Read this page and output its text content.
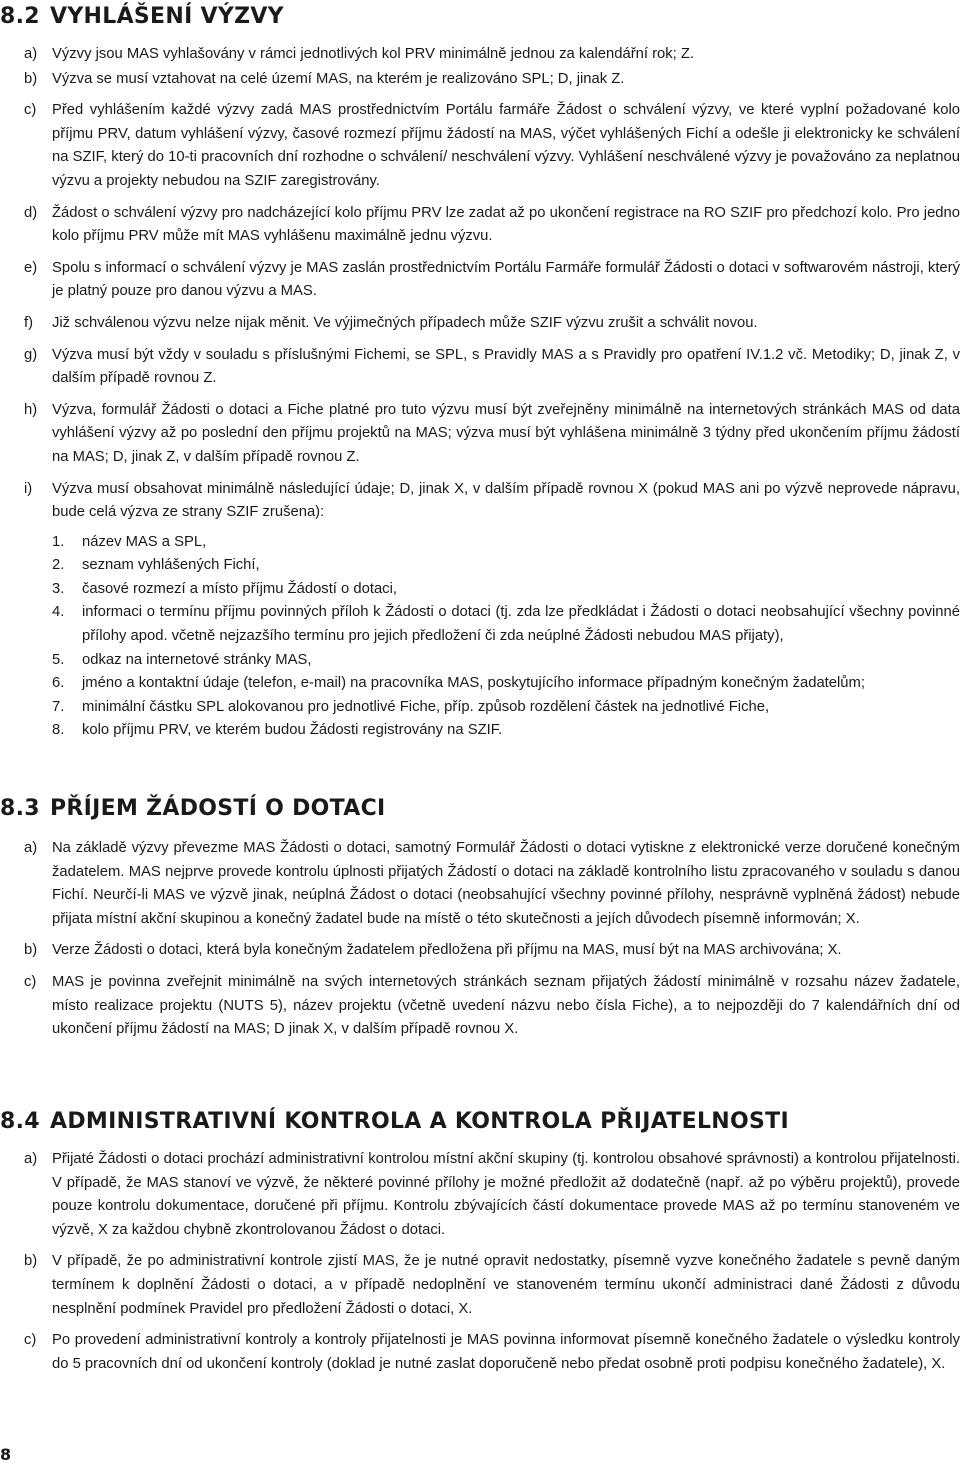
8.2 VYHLÁŠENÍ VÝZVY
a) Výzvy jsou MAS vyhlašovány v rámci jednotlivých kol PRV minimálně jednou za kalendářní rok; Z.
b) Výzva se musí vztahovat na celé území MAS, na kterém je realizováno SPL; D, jinak Z.
c) Před vyhlášením každé výzvy zadá MAS prostřednictvím Portálu farmáře Žádost o schválení výzvy, ve které vyplní požadované kolo příjmu PRV, datum vyhlášení výzvy, časové rozmezí příjmu žádostí na MAS, výčet vyhlášených Fichí a odešle ji elektronicky ke schválení na SZIF, který do 10-ti pracovních dní rozhodne o schválení/ neschválení výzvy. Vyhlášení neschválené výzvy je považováno za neplatnou výzvu a projekty nebudou na SZIF zaregistrovány.
d) Žádost o schválení výzvy pro nadcházející kolo příjmu PRV lze zadat až po ukončení registrace na RO SZIF pro předchozí kolo. Pro jedno kolo příjmu PRV může mít MAS vyhlášenu maximálně jednu výzvu.
e) Spolu s informací o schválení výzvy je MAS zaslán prostřednictvím Portálu Farmáře formulář Žádosti o dotaci v softwarovém nástroji, který je platný pouze pro danou výzvu a MAS.
f) Již schválenou výzvu nelze nijak měnit. Ve výjimečných případech může SZIF výzvu zrušit a schválit novou.
g) Výzva musí být vždy v souladu s příslušnými Fichemi, se SPL, s Pravidly MAS a s Pravidly pro opatření IV.1.2 vč. Metodiky; D, jinak Z, v dalším případě rovnou Z.
h) Výzva, formulář Žádosti o dotaci a Fiche platné pro tuto výzvu musí být zveřejněny minimálně na internetových stránkách MAS od data vyhlášení výzvy až po poslední den příjmu projektů na MAS; výzva musí být vyhlášena minimálně 3 týdny před ukončením příjmu žádostí na MAS; D, jinak Z, v dalším případě rovnou Z.
i) Výzva musí obsahovat minimálně následující údaje; D, jinak X, v dalším případě rovnou X (pokud MAS ani po výzvě neprovede nápravu, bude celá výzva ze strany SZIF zrušena):
1. název MAS a SPL,
2. seznam vyhlášených Fichí,
3. časové rozmezí a místo příjmu Žádostí o dotaci,
4. informaci o termínu příjmu povinných příloh k Žádosti o dotaci (tj. zda lze předkládat i Žádosti o dotaci neobsahující všechny povinné přílohy apod. včetně nejzazšího termínu pro jejich předložení či zda neúplné Žádosti nebudou MAS přijaty),
5. odkaz na internetové stránky MAS,
6. jméno a kontaktní údaje (telefon, e-mail) na pracovníka MAS, poskytujícího informace případným konečným žadatelům;
7. minimální částku SPL alokovanou pro jednotlivé Fiche, příp. způsob rozdělení částek na jednotlivé Fiche,
8. kolo příjmu PRV, ve kterém budou Žádosti registrovány na SZIF.
8.3 PŘÍJEM ŽÁDOSTÍ O DOTACI
a) Na základě výzvy převezme MAS Žádosti o dotaci, samotný Formulář Žádosti o dotaci vytiskne z elektronické verze doručené konečným žadatelem. MAS nejprve provede kontrolu úplnosti přijatých Žádostí o dotaci na základě kontrolního listu zpracovaného v souladu s danou Fichí. Neurčí-li MAS ve výzvě jinak, neúplná Žádost o dotaci (neobsahující všechny povinné přílohy, nesprávně vyplněná žádost) nebude přijata místní akční skupinou a konečný žadatel bude na místě o této skutečnosti a jejích důvodech písemně informován; X.
b) Verze Žádosti o dotaci, která byla konečným žadatelem předložena při příjmu na MAS, musí být na MAS archivována; X.
c) MAS je povinna zveřejnit minimálně na svých internetových stránkách seznam přijatých žádostí minimálně v rozsahu název žadatele, místo realizace projektu (NUTS 5), název projektu (včetně uvedení názvu nebo čísla Fiche), a to nejpozději do 7 kalendářních dní od ukončení příjmu žádostí na MAS; D jinak X, v dalším případě rovnou X.
8.4 ADMINISTRATIVNÍ KONTROLA A KONTROLA PŘIJATELNOSTI
a) Přijaté Žádosti o dotaci prochází administrativní kontrolou místní akční skupiny (tj. kontrolou obsahové správnosti) a kontrolou přijatelnosti. V případě, že MAS stanoví ve výzvě, že některé povinné přílohy je možné předložit až dodatečně (např. až po výběru projektů), provede pouze kontrolu dokumentace, doručené při příjmu. Kontrolu zbývajících částí dokumentace provede MAS až po termínu stanoveném ve výzvě, X za každou chybně zkontrolovanou Žádost o dotaci.
b) V případě, že po administrativní kontrole zjistí MAS, že je nutné opravit nedostatky, písemně vyzve konečného žadatele s pevně daným termínem k doplnění Žádosti o dotaci, a v případě nedoplnění ve stanoveném termínu ukončí administraci dané Žádosti z důvodu nesplnění podmínek Pravidel pro předložení Žádosti o dotaci, X.
c) Po provedení administrativní kontroly a kontroly přijatelnosti je MAS povinna informovat písemně konečného žadatele o výsledku kontroly do 5 pracovních dní od ukončení kontroly (doklad je nutné zaslat doporučeně nebo předat osobně proti podpisu konečného žadatele), X.
8
